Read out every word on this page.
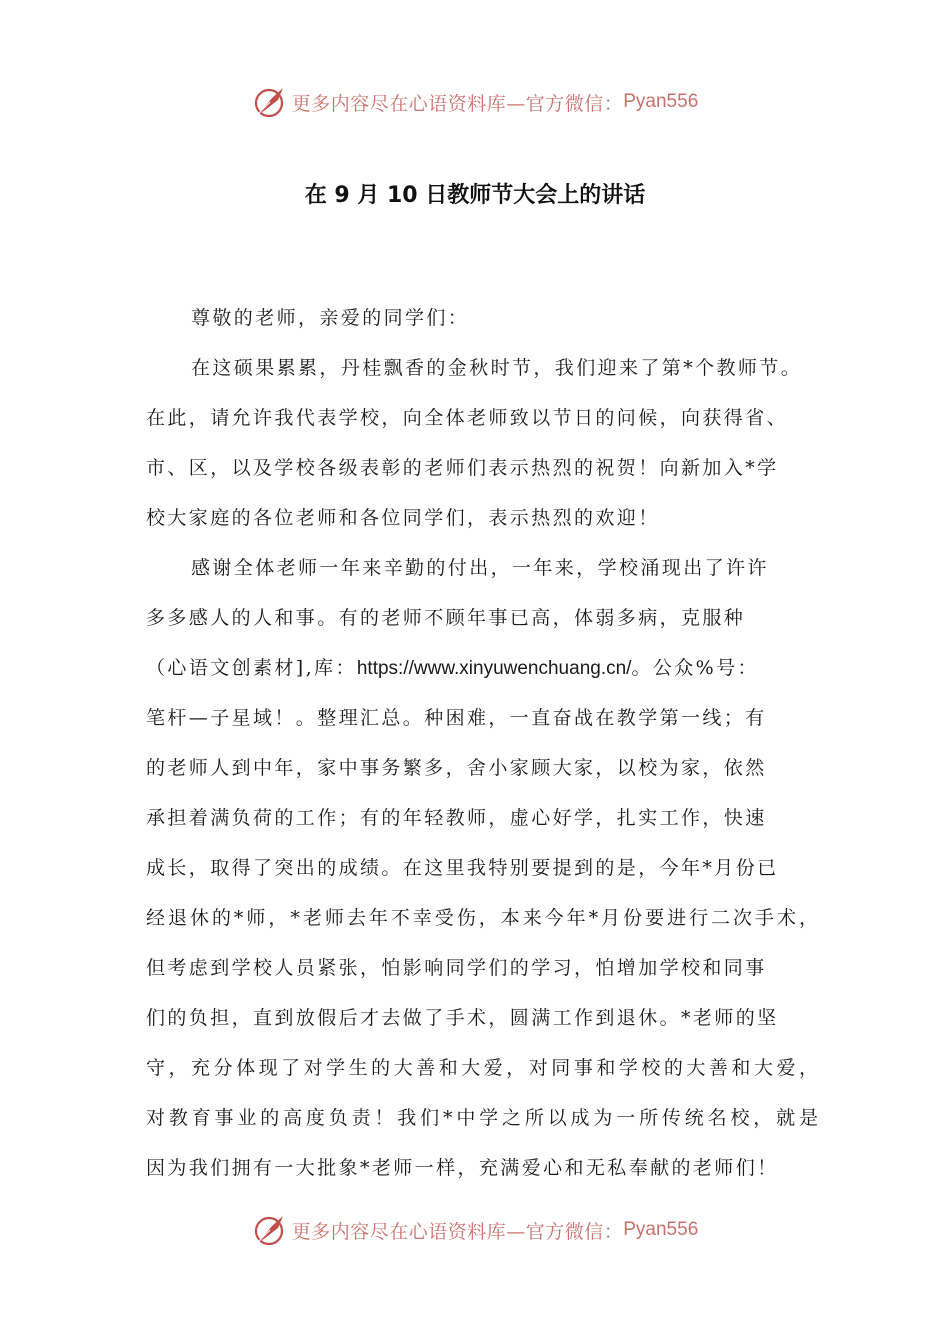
更多内容尽在心语资料库—官方微信： Pyan556
在 9 月 10 日教师节大会上的讲话
尊敬的老师，亲爱的同学们：
在这硕果累累，丹桂飘香的金秋时节，我们迎来了第*个教师节。
在此，请允许我代表学校，向全体老师致以节日的问候，向获得省、
市、区，以及学校各级表彰的老师们表示热烈的祝贺！向新加入*学
校大家庭的各位老师和各位同学们，表示热烈的欢迎！
感谢全体老师一年来辛勤的付出，一年来，学校涌现出了许许
多多感人的人和事。有的老师不顾年事已高，体弱多病，克服种
（心语文创素材],库：https://www.xinyuwenchuang.cn/。公众%号：
笔杆—子星域！。整理汇总。种困难，一直奋战在教学第一线；有
的老师人到中年，家中事务繁多，舍小家顾大家，以校为家，依然
承担着满负荷的工作；有的年轻教师，虚心好学，扎实工作，快速
成长，取得了突出的成绩。在这里我特别要提到的是，今年*月份已
经退休的*师，*老师去年不幸受伤，本来今年*月份要进行二次手术，
但考虑到学校人员紧张，怕影响同学们的学习，怕增加学校和同事
们的负担，直到放假后才去做了手术，圆满工作到退休。*老师的坚
守，充分体现了对学生的大善和大爱，对同事和学校的大善和大爱，
对教育事业的高度负责！我们*中学之所以成为一所传统名校，就是
因为我们拥有一大批象*老师一样，充满爱心和无私奉献的老师们！
更多内容尽在心语资料库—官方微信： Pyan556
